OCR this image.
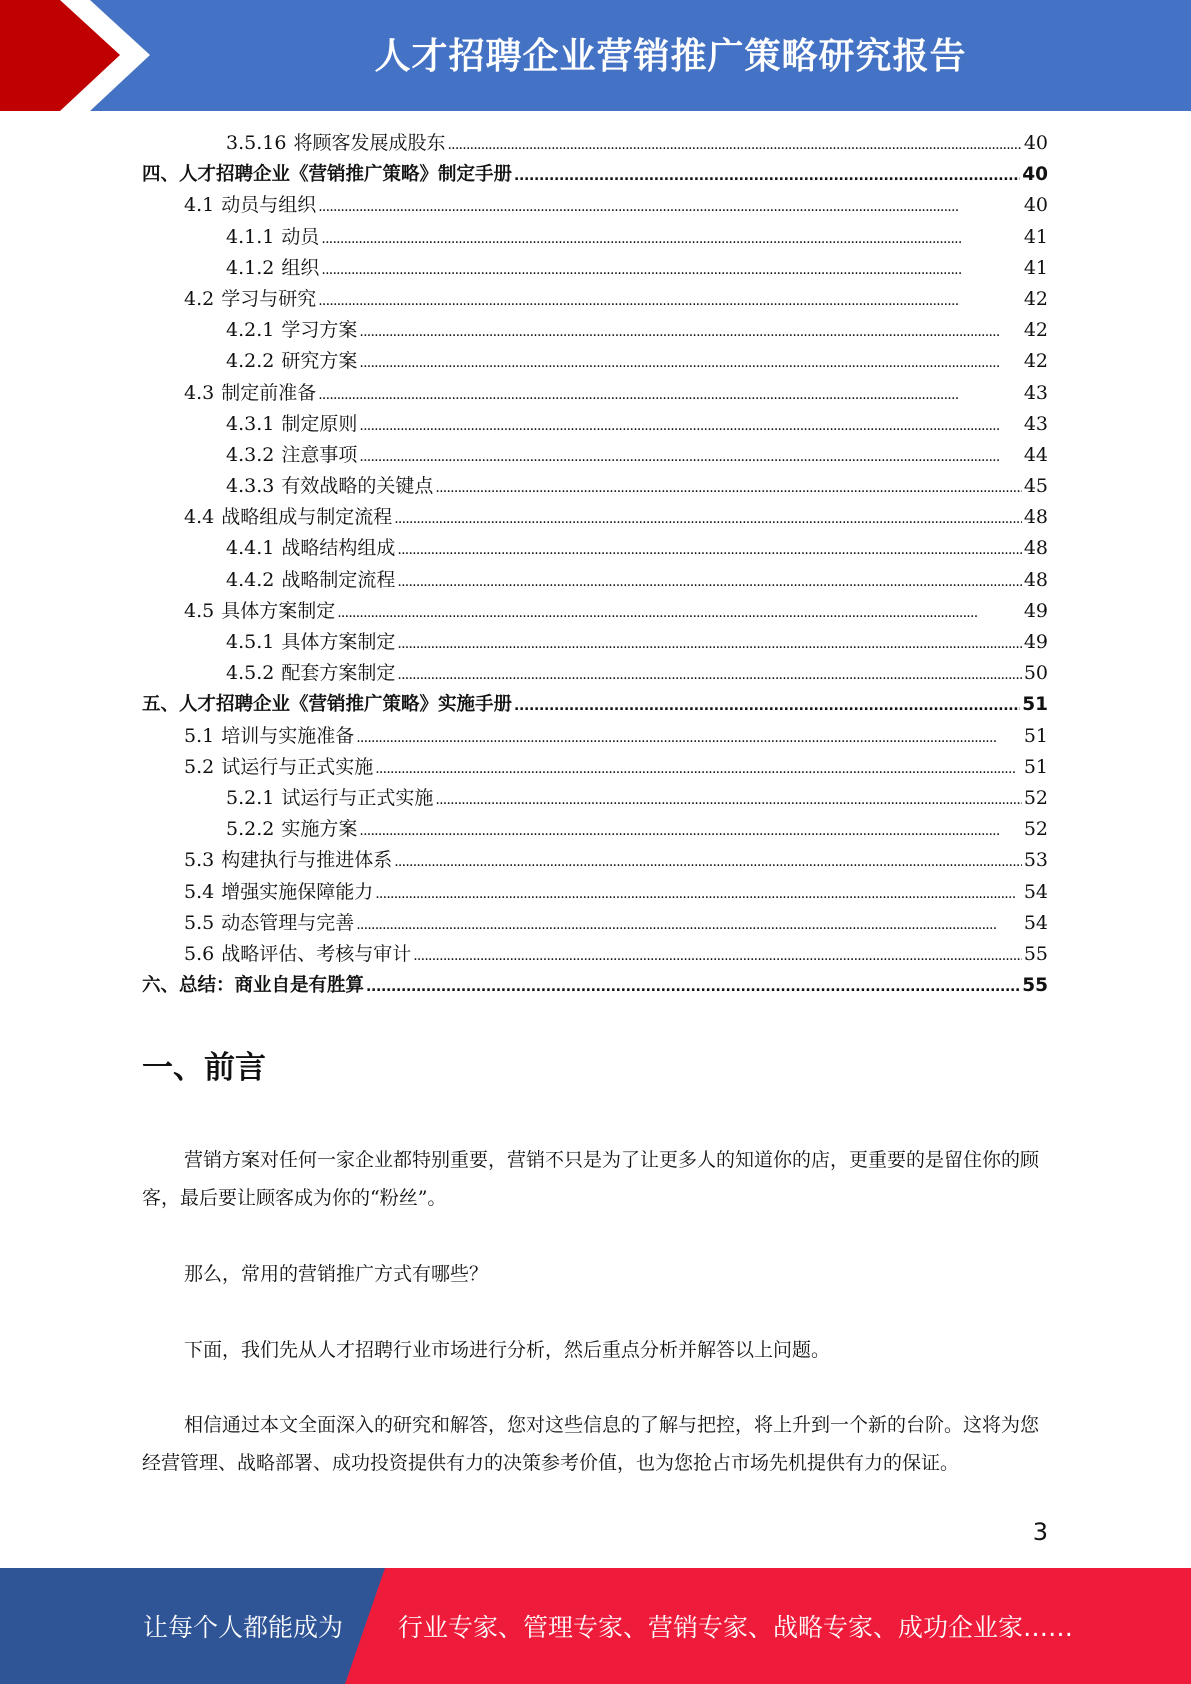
人才招聘企业营销推广策略研究报告
3.5.16 将顾客发展成股东 . . .	40
四、人才招聘企业《营销推广策略》制定手册 . . .	40
4.1 动员与组织 . . .	40
4.1.1 动员 . . .	41
4.1.2 组织 . . .	41
4.2 学习与研究 . . .	42
4.2.1 学习方案 . . .	42
4.2.2 研究方案 . . .	42
4.3 制定前准备 . . .	43
4.3.1 制定原则 . . .	43
4.3.2 注意事项 . . .	44
4.3.3 有效战略的关键点 . . .	45
4.4 战略组成与制定流程 . . .	48
4.4.1 战略结构组成 . . .	48
4.4.2 战略制定流程 . . .	48
4.5 具体方案制定 . . .	49
4.5.1 具体方案制定 . . .	49
4.5.2 配套方案制定 . . .	50
五、人才招聘企业《营销推广策略》实施手册 . . .	51
5.1 培训与实施准备 . . .	51
5.2 试运行与正式实施 . . .	51
5.2.1 试运行与正式实施 . . .	52
5.2.2 实施方案 . . .	52
5.3 构建执行与推进体系 . . .	53
5.4 增强实施保障能力 . . .	54
5.5 动态管理与完善 . . .	54
5.6 战略评估、考核与审计 . . .	55
六、总结：商业自是有胜算 . . .	55
一、前言

营销方案对任何一家企业都特别重要，营销不只是为了让更多人的知道你的店，更重要的是留住你的顾客，最后要让顾客成为你的“粉丝”。

那么，常用的营销推广方式有哪些？

下面，我们先从人才招聘行业市场进行分析，然后重点分析并解答以上问题。

相信通过本文全面深入的研究和解答，您对这些信息的了解与把控，将上升到一个新的台阶。这将为您经营管理、战略部署、成功投资提供有力的决策参考价值，也为您抢占市场先机提供有力的保证。

3
让每个人都能成为 行业专家、管理专家、营销专家、战略专家、成功企业家……
